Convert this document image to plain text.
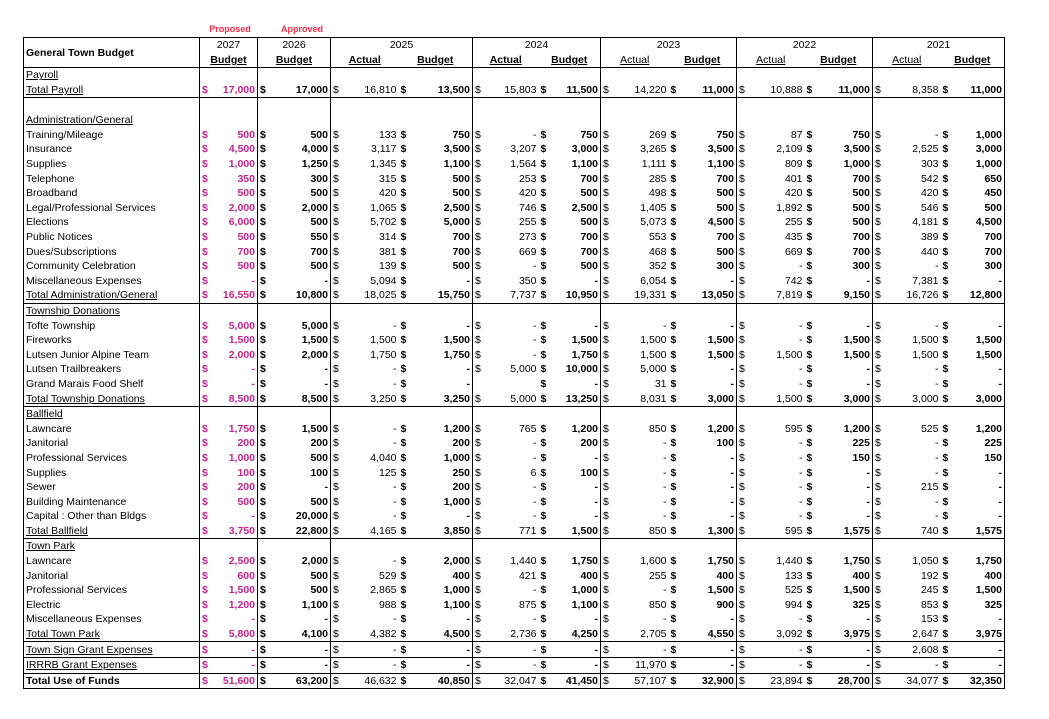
Proposed	Approved
General Town Budget	2027		2026		2025				2024				2023				2022				2021			
	Budget		Budget		Actual		Budget		Actual		Budget		Actual		Budget		Actual		Budget		Actual		Budget	
Payroll																								
Total Payroll	$	17,000	$	17,000	$	16,810	$	13,500	$	15,803	$	11,500	$	14,220	$	11,000	$	10,888	$	11,000	$	8,358	$	11,000

Administration/General																								
Training/Mileage	$	500	$	500	$	133	$	750	$	-	$	750	$	269	$	750	$	87	$	750	$	-	$	1,000
Insurance	$	4,500	$	4,000	$	3,117	$	3,500	$	3,207	$	3,000	$	3,265	$	3,500	$	2,109	$	3,500	$	2,525	$	3,000
Supplies	$	1,000	$	1,250	$	1,345	$	1,100	$	1,564	$	1,100	$	1,111	$	1,100	$	809	$	1,000	$	303	$	1,000
Telephone	$	350	$	300	$	315	$	500	$	253	$	700	$	285	$	700	$	401	$	700	$	542	$	650
Broadband	$	500	$	500	$	420	$	500	$	420	$	500	$	498	$	500	$	420	$	500	$	420	$	450
Legal/Professional Services	$	2,000	$	2,000	$	1,065	$	2,500	$	746	$	2,500	$	1,405	$	500	$	1,892	$	500	$	546	$	500
Elections	$	6,000	$	500	$	5,702	$	5,000	$	255	$	500	$	5,073	$	4,500	$	255	$	500	$	4,181	$	4,500
Public Notices	$	500	$	550	$	314	$	700	$	273	$	700	$	553	$	700	$	435	$	700	$	389	$	700
Dues/Subscriptions	$	700	$	700	$	381	$	700	$	669	$	700	$	468	$	500	$	669	$	700	$	440	$	700
Community Celebration	$	500	$	500	$	139	$	500	$	-	$	500	$	352	$	300	$	-	$	300	$	-	$	300
Miscellaneous Expenses	$	-	$	-	$	5,094	$	-	$	350	$	-	$	6,054	$	-	$	742	$	-	$	7,381	$	-
Total Administration/General	$	16,550	$	10,800	$	18,025	$	15,750	$	7,737	$	10,950	$	19,331	$	13,050	$	7,819	$	9,150	$	16,726	$	12,800
Township Donations																								
Tofte Township	$	5,000	$	5,000	$	-	$	-	$	-	$	-	$	-	$	-	$	-	$	-	$	-	$	-
Fireworks	$	1,500	$	1,500	$	1,500	$	1,500	$	-	$	1,500	$	1,500	$	1,500	$	-	$	1,500	$	1,500	$	1,500
Lutsen Junior Alpine Team	$	2,000	$	2,000	$	1,750	$	1,750	$	-	$	1,750	$	1,500	$	1,500	$	1,500	$	1,500	$	1,500	$	1,500
Lutsen Trailbreakers	$	-	$	-	$	-	$	-	$	5,000	$	10,000	$	5,000	$	-	$	-	$	-	$	-	$	-
Grand Marais Food Shelf	$	-	$	-	$	-	$	-			$	-	$	31	$	-	$	-	$	-	$	-	$	-
Total Township Donations	$	8,500	$	8,500	$	3,250	$	3,250	$	5,000	$	13,250	$	8,031	$	3,000	$	1,500	$	3,000	$	3,000	$	3,000
Ballfield																								
Lawncare	$	1,750	$	1,500	$	-	$	1,200	$	765	$	1,200	$	850	$	1,200	$	595	$	1,200	$	525	$	1,200
Janitorial	$	200	$	200	$	-	$	200	$	-	$	200	$	-	$	100	$	-	$	225	$	-	$	225
Professional Services	$	1,000	$	500	$	4,040	$	1,000	$	-	$	-	$	-	$	-	$	-	$	150	$	-	$	150
Supplies	$	100	$	100	$	125	$	250	$	6	$	100	$	-	$	-	$	-	$	-	$	-	$	-
Sewer	$	200	$	-	$	-	$	200	$	-	$	-	$	-	$	-	$	-	$	-	$	215	$	-
Building Maintenance	$	500	$	500	$	-	$	1,000	$	-	$	-	$	-	$	-	$	-	$	-	$	-	$	-
Capital : Other than Bldgs	$	-	$	20,000	$	-	$	-	$	-	$	-	$	-	$	-	$	-	$	-	$	-	$	-
Total Ballfield	$	3,750	$	22,800	$	4,165	$	3,850	$	771	$	1,500	$	850	$	1,300	$	595	$	1,575	$	740	$	1,575
Town Park																								
Lawncare	$	2,500	$	2,000	$	-	$	2,000	$	1,440	$	1,750	$	1,600	$	1,750	$	1,440	$	1,750	$	1,050	$	1,750
Janitorial	$	600	$	500	$	529	$	400	$	421	$	400	$	255	$	400	$	133	$	400	$	192	$	400
Professional Services	$	1,500	$	500	$	2,865	$	1,000	$	-	$	1,000	$	-	$	1,500	$	525	$	1,500	$	245	$	1,500
Electric	$	1,200	$	1,100	$	988	$	1,100	$	875	$	1,100	$	850	$	900	$	994	$	325	$	853	$	325
Miscellaneous Expenses	$	-	$	-	$	-	$	-	$	-	$	-	$	-	$	-	$	-	$	-	$	153	$	-
Total Town Park	$	5,800	$	4,100	$	4,382	$	4,500	$	2,736	$	4,250	$	2,705	$	4,550	$	3,092	$	3,975	$	2,647	$	3,975
Town Sign Grant Expenses	$	-	$	-	$	-	$	-	$	-	$	-	$	-	$	-	$	-	$	-	$	2,608	$	-
IRRRB Grant Expenses	$	-	$	-	$	-	$	-	$	-	$	-	$	11,970	$	-	$	-	$	-	$	-	$	-
Total Use of Funds	$	51,600	$	63,200	$	46,632	$	40,850	$	32,047	$	41,450	$	57,107	$	32,900	$	23,894	$	28,700	$	34,077	$	32,350
